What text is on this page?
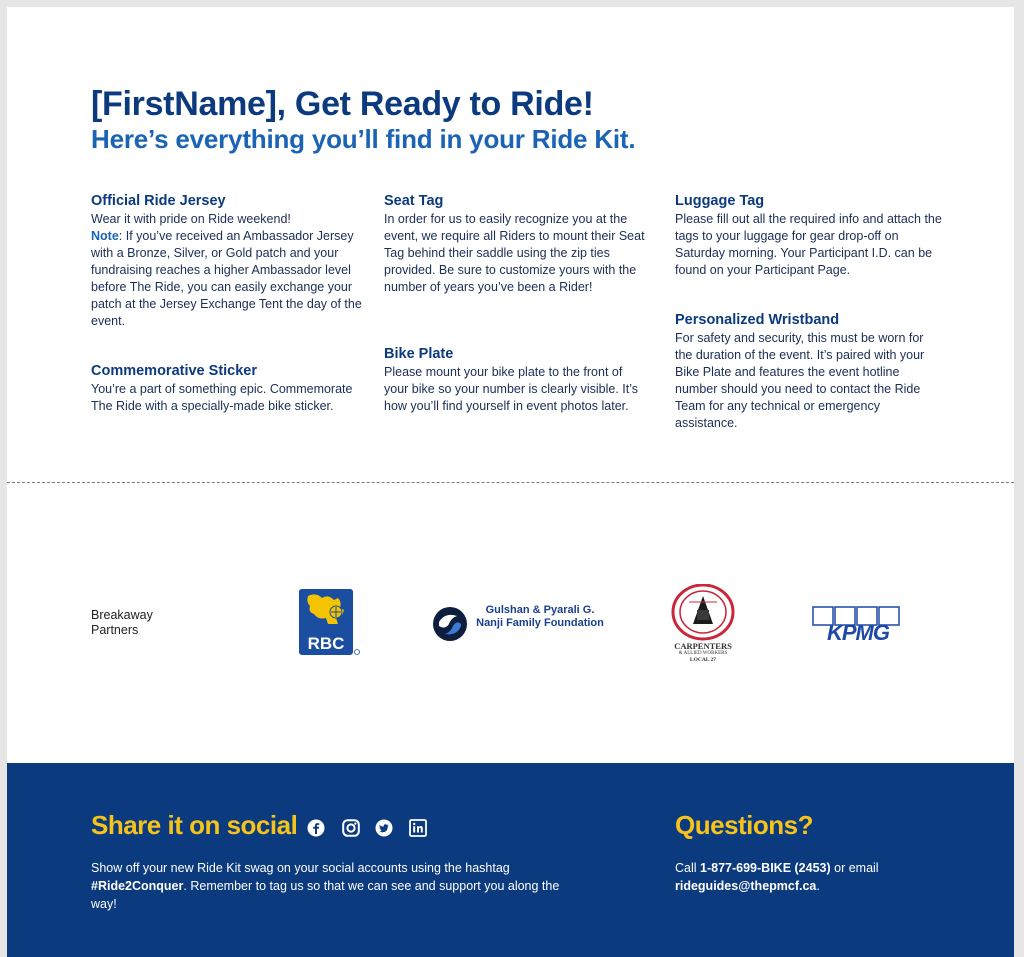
[FirstName], Get Ready to Ride!
Here’s everything you’ll find in your Ride Kit.
Official Ride Jersey

Wear it with pride on Ride weekend!
Note: If you’ve received an Ambassador Jersey with a Bronze, Silver, or Gold patch and your fundraising reaches a higher Ambassador level before The Ride, you can easily exchange your patch at the Jersey Exchange Tent the day of the event.

Commemorative Sticker

You’re a part of something epic. Commemorate The Ride with a specially-made bike sticker.

Seat Tag

In order for us to easily recognize you at the event, we require all Riders to mount their Seat Tag behind their saddle using the zip ties provided. Be sure to customize yours with the number of years you’ve been a Rider!

Bike Plate

Please mount your bike plate to the front of your bike so your number is clearly visible. It’s how you’ll find yourself in event photos later.

Luggage Tag

Please fill out all the required info and attach the tags to your luggage for gear drop-off on Saturday morning. Your Participant I.D. can be found on your Participant Page.

Personalized Wristband

For safety and security, this must be worn for the duration of the event. It’s paired with your Bike Plate and features the event hotline number should you need to contact the Ride Team for any technical or emergency assistance.

Breakaway Partners
RBC
Gulshan & Pyarali G. Nanji Family Foundation
CARPENTERS
& ALLIED WORKERS
LOCAL 27
KPMG
Share it on social
Show off your new Ride Kit swag on your social accounts using the hashtag #Ride2Conquer. Remember to tag us so that we can see and support you along the way!
Questions?
Call 1-877-699-BIKE (2453) or email
rideguides@thepmcf.ca.
